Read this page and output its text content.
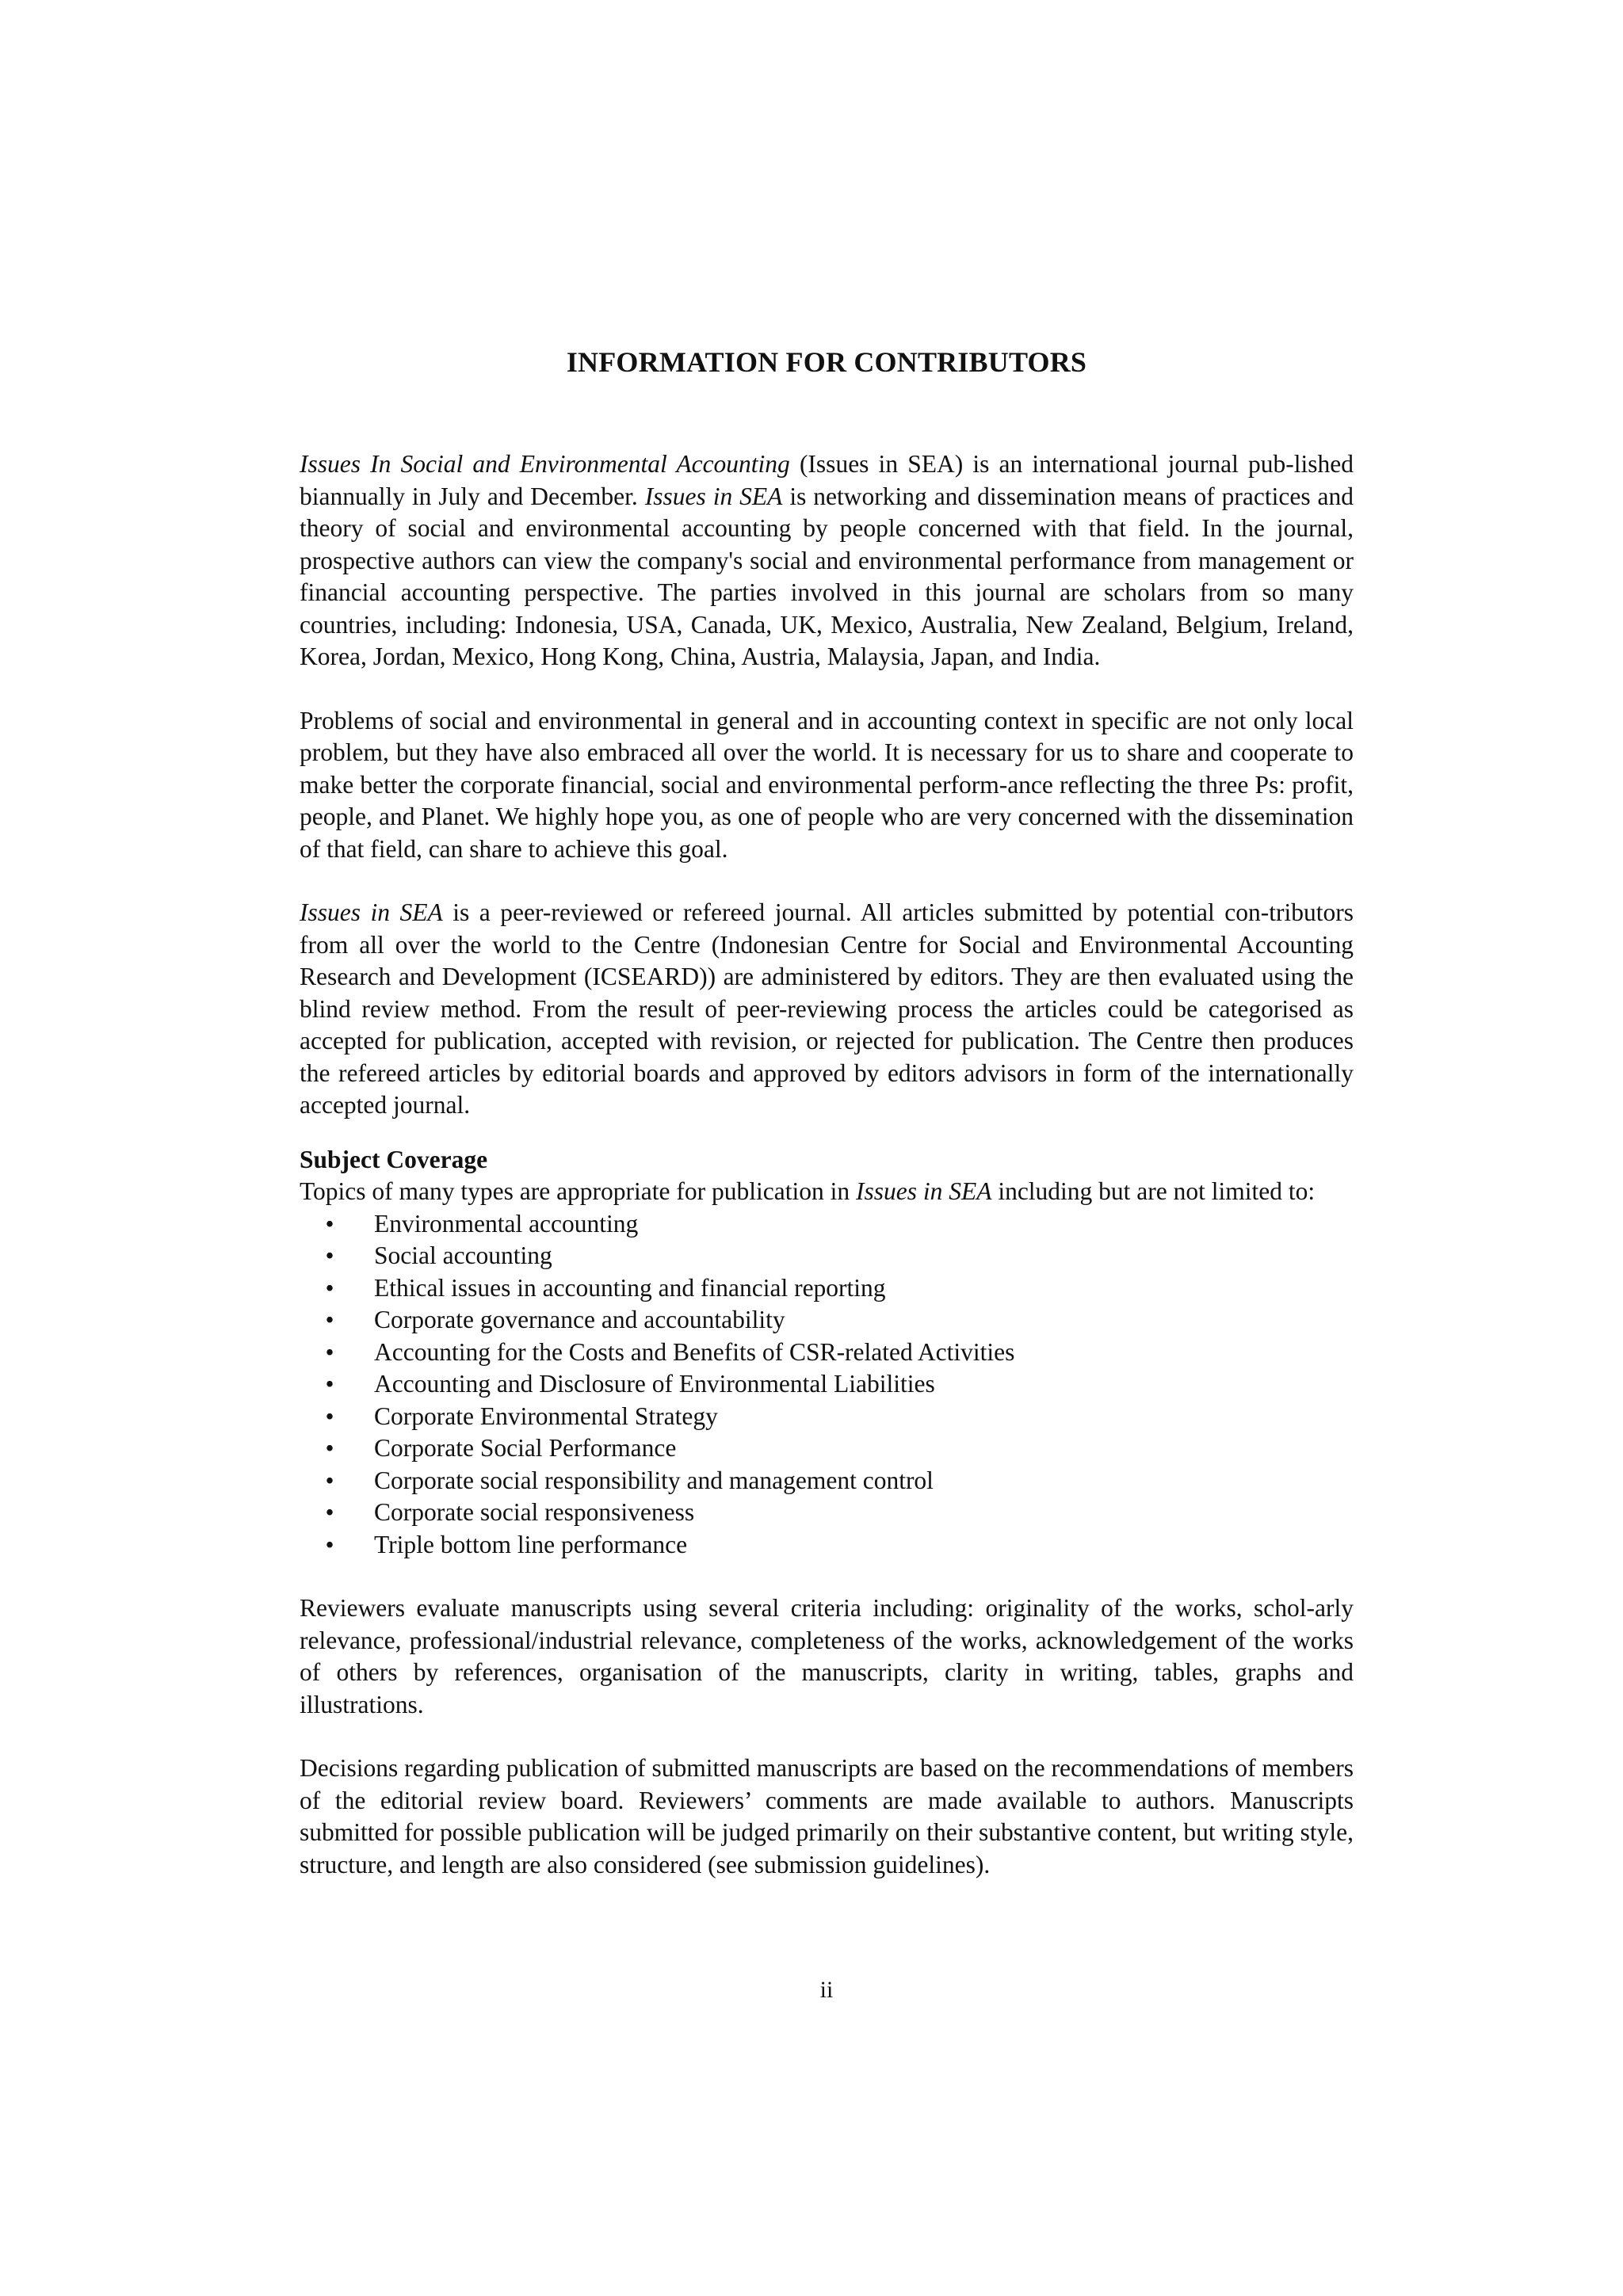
INFORMATION FOR CONTRIBUTORS

Issues In Social and Environmental Accounting (Issues in SEA) is an international journal pub-lished biannually in July and December. Issues in SEA is networking and dissemination means of practices and theory of social and environmental accounting by people concerned with that field. In the journal, prospective authors can view the company's social and environmental performance from management or financial accounting perspective. The parties involved in this journal are scholars from so many countries, including: Indonesia, USA, Canada, UK, Mexico, Australia, New Zealand, Belgium, Ireland, Korea, Jordan, Mexico, Hong Kong, China, Austria, Malaysia, Japan, and India.

Problems of social and environmental in general and in accounting context in specific are not only local problem, but they have also embraced all over the world. It is necessary for us to share and cooperate to make better the corporate financial, social and environmental perform-ance reflecting the three Ps: profit, people, and Planet. We highly hope you, as one of people who are very concerned with the dissemination of that field, can share to achieve this goal.

Issues in SEA is a peer-reviewed or refereed journal. All articles submitted by potential con-tributors from all over the world to the Centre (Indonesian Centre for Social and Environmental Accounting Research and Development (ICSEARD)) are administered by editors. They are then evaluated using the blind review method. From the result of peer-reviewing process the articles could be categorised as accepted for publication, accepted with revision, or rejected for publication. The Centre then produces the refereed articles by editorial boards and approved by editors advisors in form of the internationally accepted journal.

Subject Coverage

Topics of many types are appropriate for publication in Issues in SEA including but are not limited to:

• Environmental accounting
• Social accounting
• Ethical issues in accounting and financial reporting
• Corporate governance and accountability
• Accounting for the Costs and Benefits of CSR-related Activities
• Accounting and Disclosure of Environmental Liabilities
• Corporate Environmental Strategy
• Corporate Social Performance
• Corporate social responsibility and management control
• Corporate social responsiveness
• Triple bottom line performance

Reviewers evaluate manuscripts using several criteria including: originality of the works, schol-arly relevance, professional/industrial relevance, completeness of the works, acknowledgement of the works of others by references, organisation of the manuscripts, clarity in writing, tables, graphs and illustrations.

Decisions regarding publication of submitted manuscripts are based on the recommendations of members of the editorial review board. Reviewers’ comments are made available to authors. Manuscripts submitted for possible publication will be judged primarily on their substantive content, but writing style, structure, and length are also considered (see submission guidelines).

ii
